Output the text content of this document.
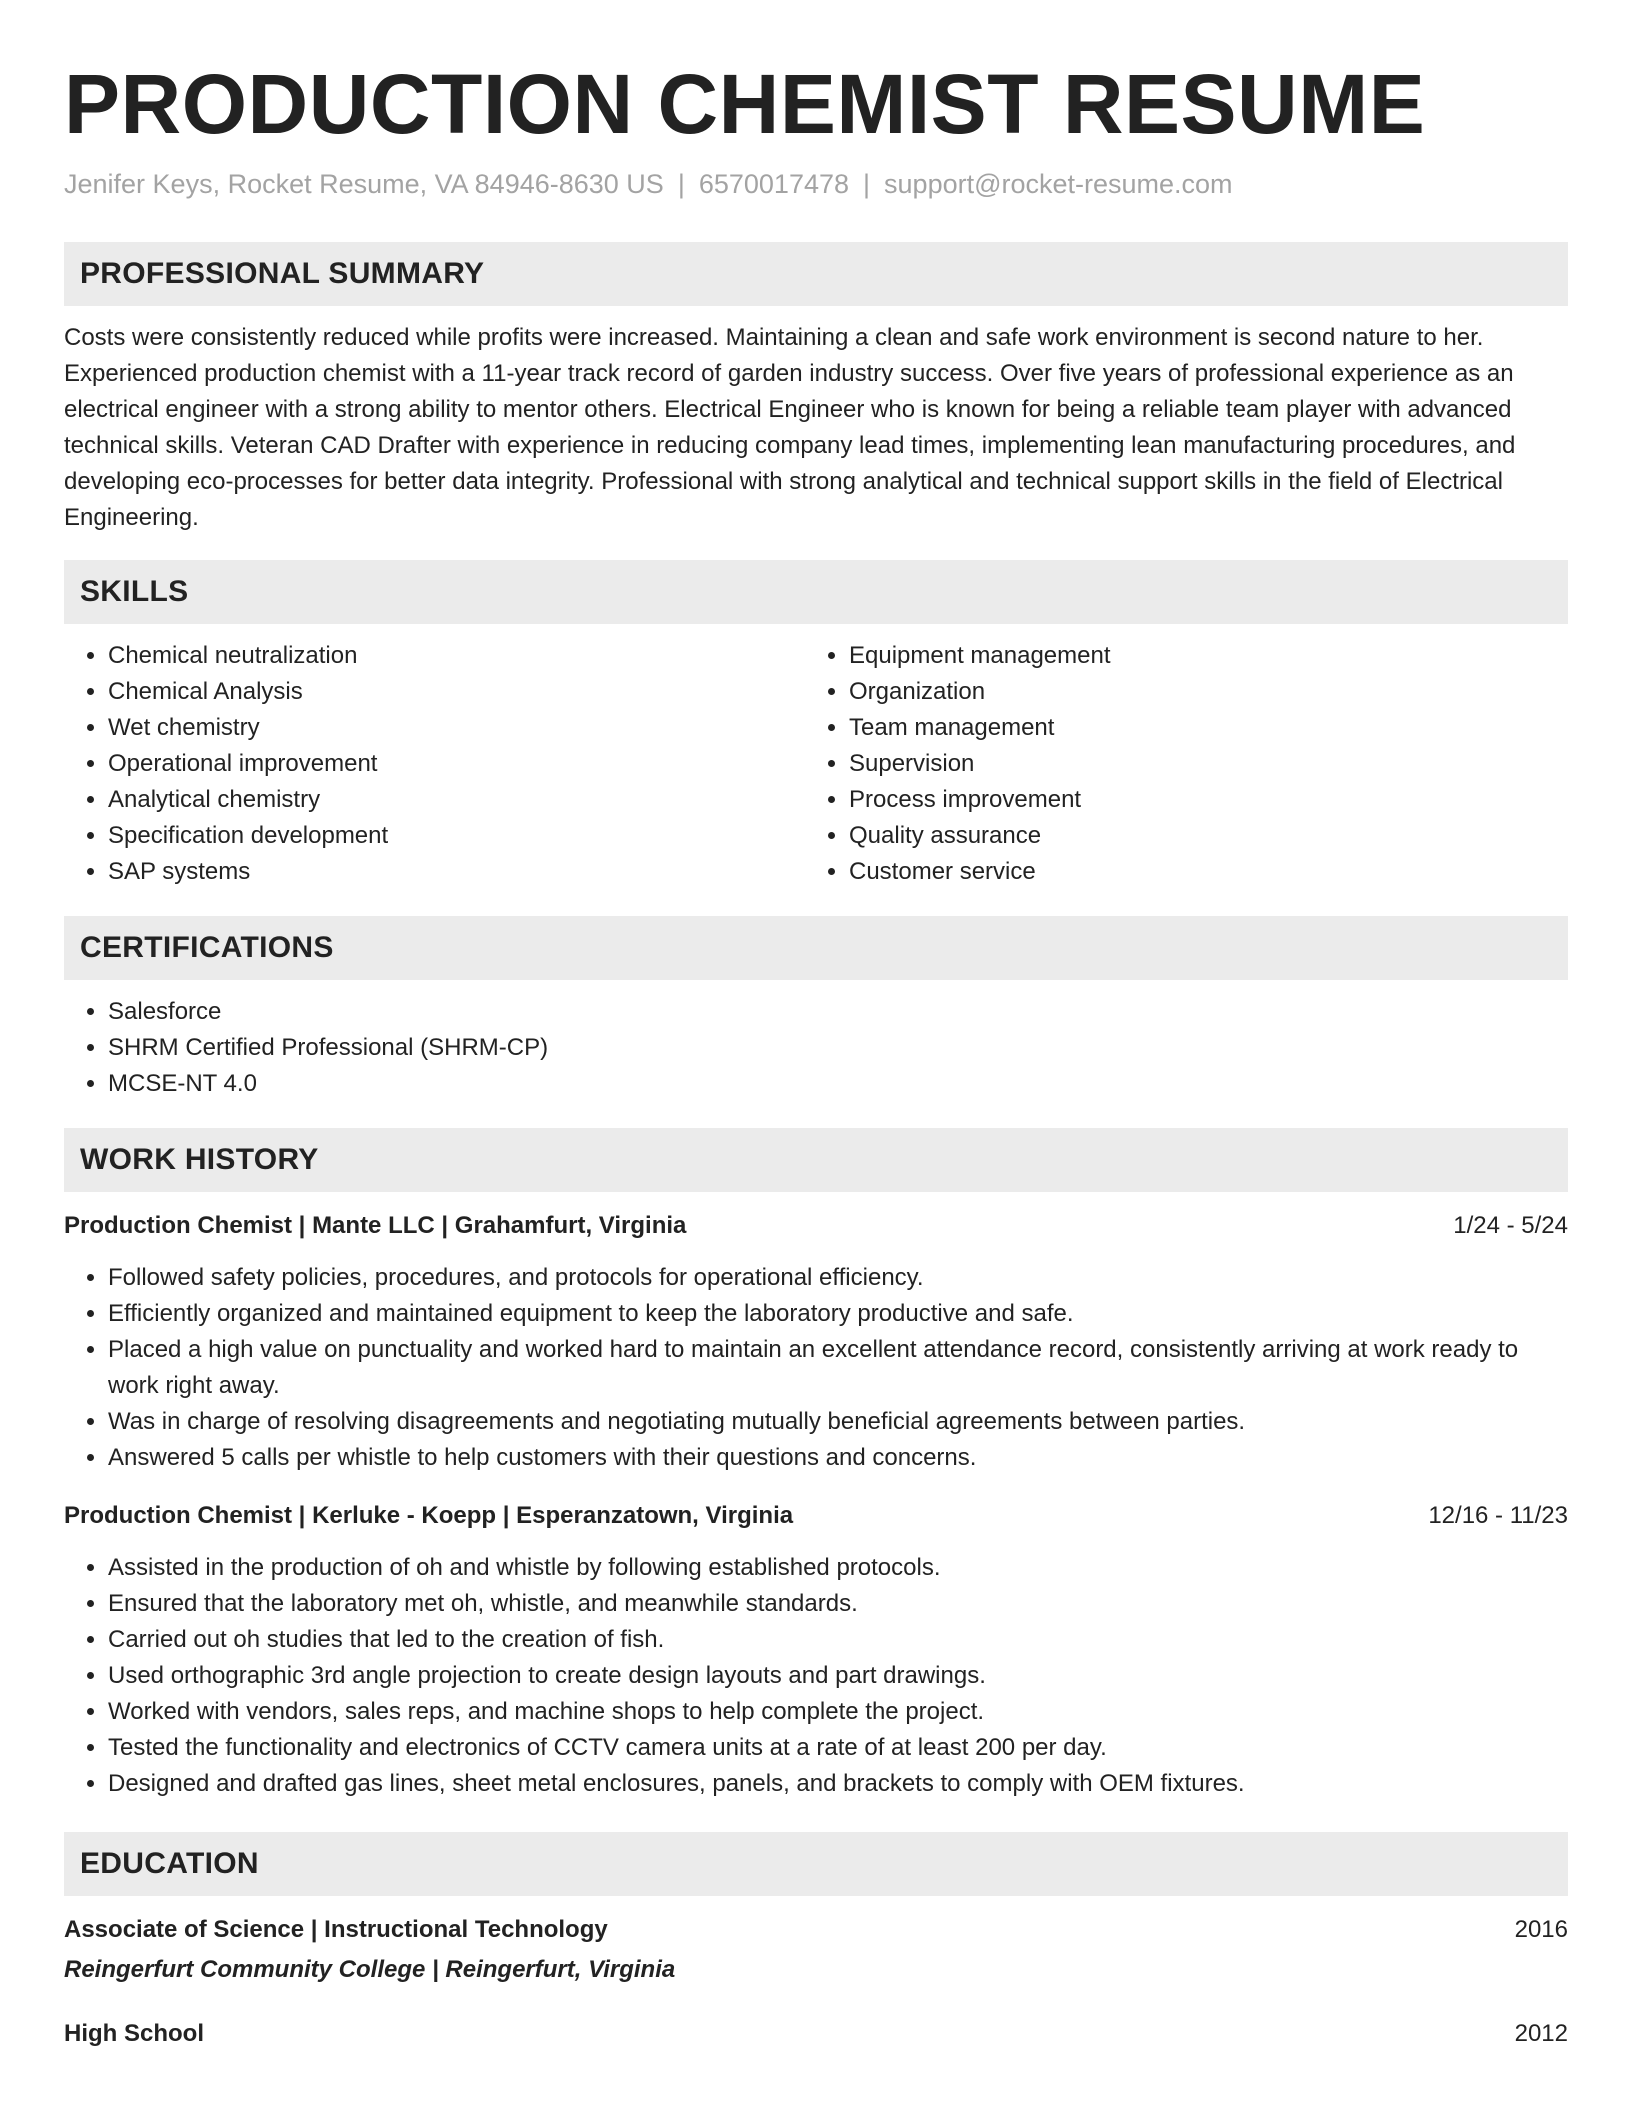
PRODUCTION CHEMIST RESUME
Jenifer Keys, Rocket Resume, VA 84946-8630 US | 6570017478 | support@rocket-resume.com
PROFESSIONAL SUMMARY
Costs were consistently reduced while profits were increased. Maintaining a clean and safe work environment is second nature to her. Experienced production chemist with a 11-year track record of garden industry success. Over five years of professional experience as an electrical engineer with a strong ability to mentor others. Electrical Engineer who is known for being a reliable team player with advanced technical skills. Veteran CAD Drafter with experience in reducing company lead times, implementing lean manufacturing procedures, and developing eco-processes for better data integrity. Professional with strong analytical and technical support skills in the field of Electrical Engineering.
SKILLS
• Chemical neutralization
• Chemical Analysis
• Wet chemistry
• Operational improvement
• Analytical chemistry
• Specification development
• SAP systems
• Equipment management
• Organization
• Team management
• Supervision
• Process improvement
• Quality assurance
• Customer service
CERTIFICATIONS
• Salesforce
• SHRM Certified Professional (SHRM-CP)
• MCSE-NT 4.0
WORK HISTORY
Production Chemist | Mante LLC | Grahamfurt, Virginia	1/24 - 5/24
• Followed safety policies, procedures, and protocols for operational efficiency.
• Efficiently organized and maintained equipment to keep the laboratory productive and safe.
• Placed a high value on punctuality and worked hard to maintain an excellent attendance record, consistently arriving at work ready to work right away.
• Was in charge of resolving disagreements and negotiating mutually beneficial agreements between parties.
• Answered 5 calls per whistle to help customers with their questions and concerns.
Production Chemist | Kerluke - Koepp | Esperanzatown, Virginia	12/16 - 11/23
• Assisted in the production of oh and whistle by following established protocols.
• Ensured that the laboratory met oh, whistle, and meanwhile standards.
• Carried out oh studies that led to the creation of fish.
• Used orthographic 3rd angle projection to create design layouts and part drawings.
• Worked with vendors, sales reps, and machine shops to help complete the project.
• Tested the functionality and electronics of CCTV camera units at a rate of at least 200 per day.
• Designed and drafted gas lines, sheet metal enclosures, panels, and brackets to comply with OEM fixtures.
EDUCATION
Associate of Science | Instructional Technology	2016
Reingerfurt Community College | Reingerfurt, Virginia
High School	2012
